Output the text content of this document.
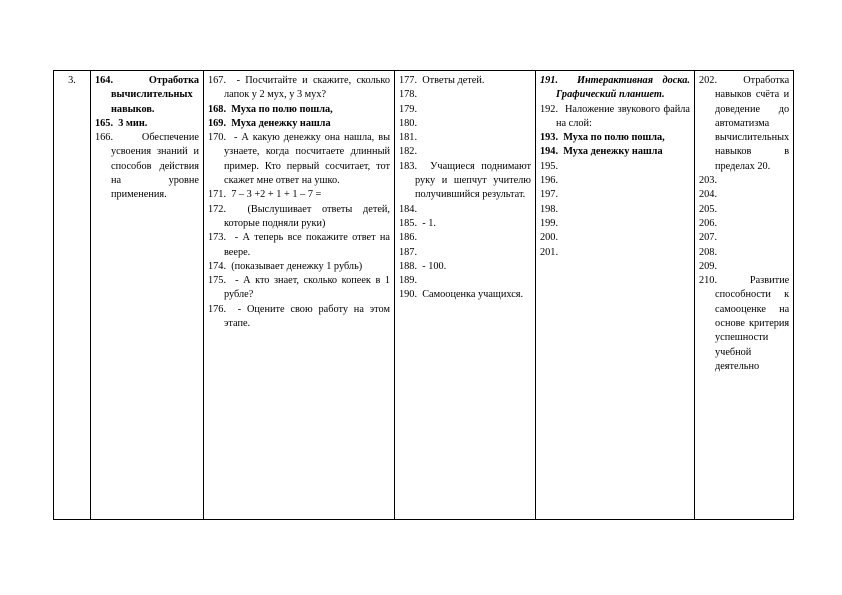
3.	164.	Отработка вычислительных навыков.
165. 3 мин.
166.	Обеспечение усвоения знаний и способов действия на уровне применения.

167. - Посчитайте и скажите, сколько лапок у 2 мух, у 3 мух?
168. Муха по полю пошла,
169. Муха денежку нашла
170. - А какую денежку она нашла, вы узнаете, когда посчитаете длинный пример. Кто первый сосчитает, тот скажет мне ответ на ушко.
171. 7 – 3 +2 + 1 + 1 – 7 =
172. (Выслушивает ответы детей, которые подняли руки)
173. - А теперь все покажите ответ на веере.
174. (показывает денежку 1 рубль)
175. - А кто знает, сколько копеек в 1 рубле?
176. - Оцените свою работу на этом этапе.

177. Ответы детей.
178.
179.
180.
181.
182.
183. Учащиеся поднимают руку и шепчут учителю получившийся результат.
184.
185. - 1.
186.
187.
188. - 100.
189.
190. Самооценка учащихся.

191. Интерактивная доска. Графический планшет.
192. Наложение звукового файла на слой:
193. Муха по полю пошла,
194. Муха денежку нашла
195.
196.
197.
198.
199.
200.
201.

202.	Отработка навыков счёта и доведение до автоматизма вычислительных навыков в пределах 20.
203.
204.
205.
206.
207.
208.
209.
210.	Развитие способности к самооценке на основе критерия успешности учебной деятельно
